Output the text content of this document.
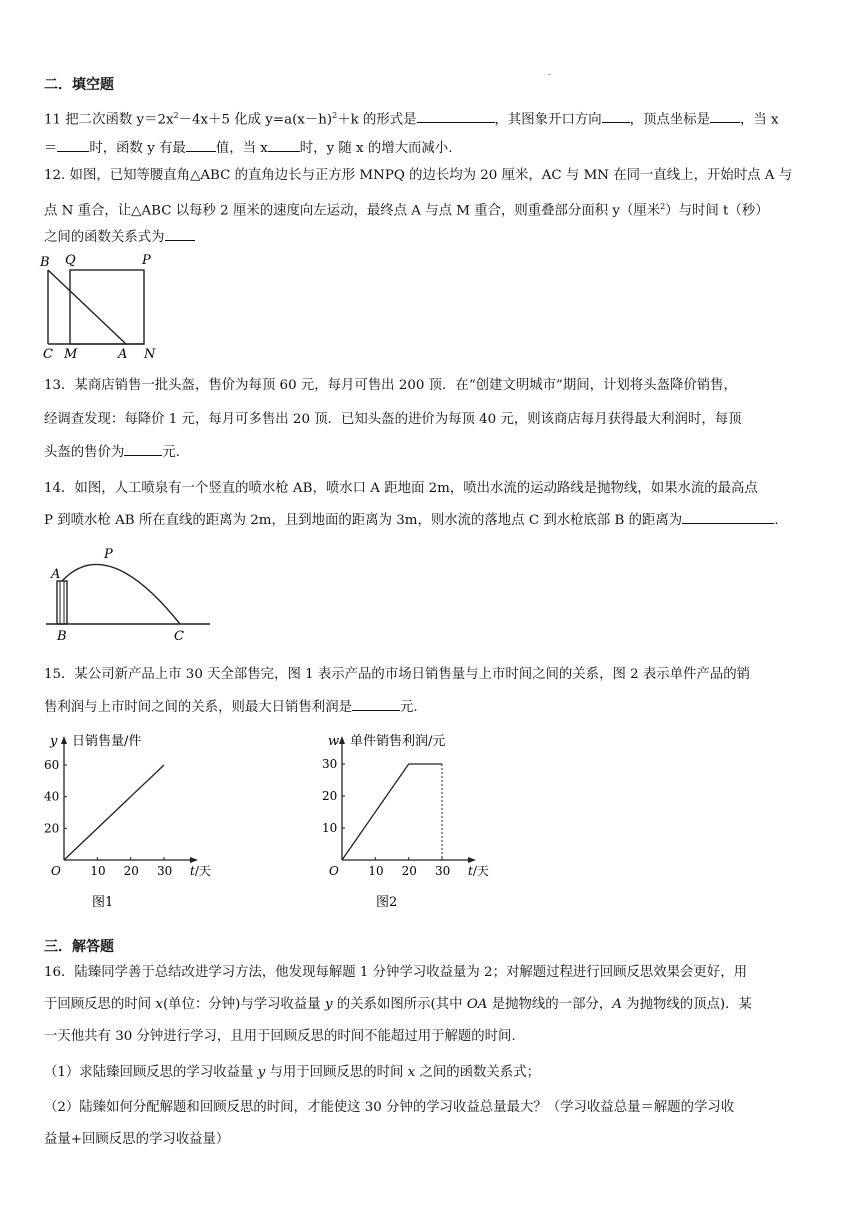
-
二．填空题
11 把二次函数 $y=2x^2-4x+5$ 化成 $y=a(x-h)^2+k$ 的形式是	，其图象开口方向 ，顶点坐标是 ，当 x
＝ 时，函数 y 有最 值，当 x 时，y 随 x 的增大而减小.
12. 如图，已知等腰直角△ABC 的直角边长与正方形 MNPQ 的边长均为 20 厘米，AC 与 MN 在同一直线上，开始时点 A 与
点 N 重合，让△ABC 以每秒 2 厘米的速度向左运动，最终点 A 与点 M 重合，则重叠部分面积 y（厘米$^2$）与时间 t（秒）
之间的函数关系式为
B Q	P
C M	A N
13．某商店销售一批头盔，售价为每顶 60 元，每月可售出 200 顶．在“创建文明城市”期间，计划将头盔降价销售，
经调查发现：每降价 1 元，每月可多售出 20 顶．已知头盔的进价为每顶 40 元，则该商店每月获得最大利润时，每顶
头盔的售价为	元.
14．如图，人工喷泉有一个竖直的喷水枪 AB，喷水口 A 距地面 2m，喷出水流的运动路线是抛物线，如果水流的最高点
P 到喷水枪 AB 所在直线的距离为 2m，且到地面的距离为 3m，则水流的落地点 C 到水枪底部 B 的距离为	.
A
P
B	C
15．某公司新产品上市 30 天全部售完，图 1 表示产品的市场日销售量与上市时间之间的关系，图 2 表示单件产品的销
售利润与上市时间之间的关系，则最大日销售利润是	元.
y 日销售量/件
O 10 20 30 t/天
20
40
60
图1
w 单件销售利润/元
O 10 20 30 t/天
10
20
30
图2
三．解答题
16．陆臻同学善于总结改进学习方法，他发现每解题 1 分钟学习收益量为 2；对解题过程进行回顾反思效果会更好，用
于回顾反思的时间 x(单位：分钟)与学习收益量 y 的关系如图所示(其中 OA 是抛物线的一部分，A 为抛物线的顶点)．某
一天他共有 30 分钟进行学习，且用于回顾反思的时间不能超过用于解题的时间.
（1）求陆臻回顾反思的学习收益量 y 与用于回顾反思的时间 x 之间的函数关系式；
（2）陆臻如何分配解题和回顾反思的时间，才能使这 30 分钟的学习收益总量最大？（学习收益总量＝解题的学习收
益量+回顾反思的学习收益量）
